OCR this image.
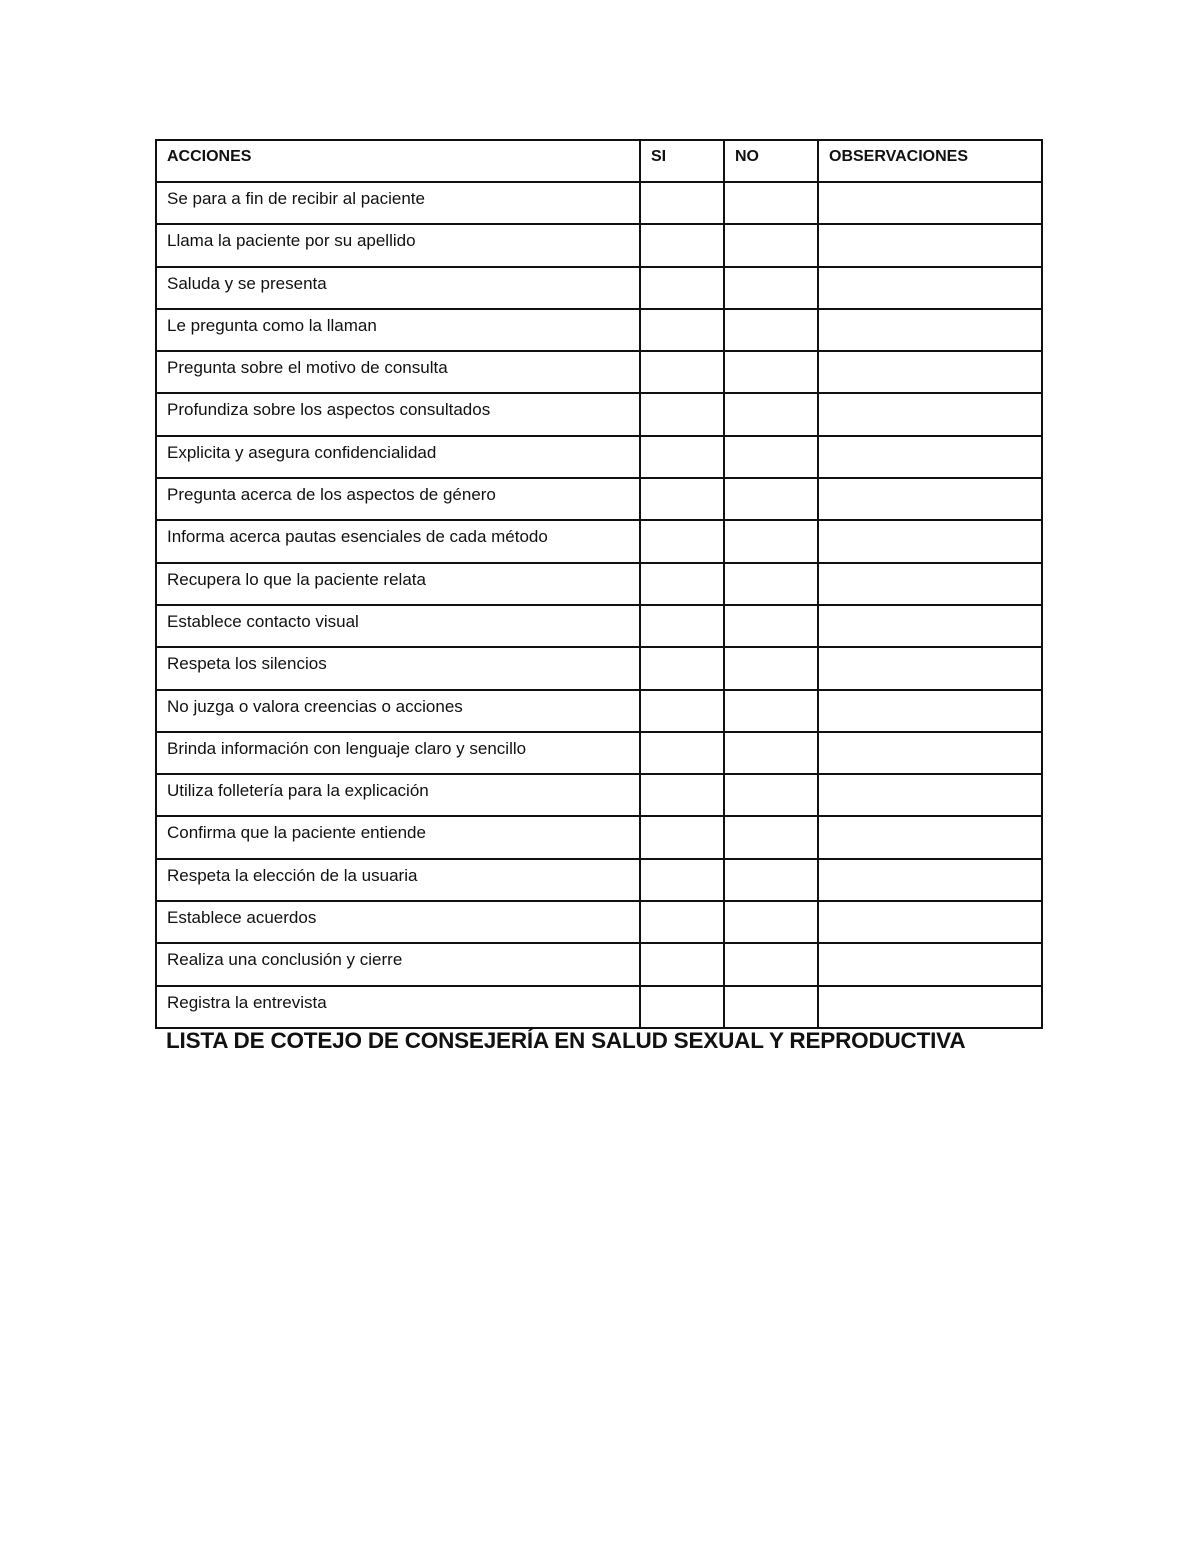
ACCIONES	SI	NO	OBSERVACIONES
Se para a fin de recibir al paciente			
Llama la paciente por su apellido			
Saluda y se presenta			
Le pregunta como la llaman			
Pregunta sobre el motivo de consulta			
Profundiza sobre los aspectos consultados			
Explicita y asegura confidencialidad			
Pregunta acerca de los aspectos de género			
Informa acerca pautas esenciales de cada método			
Recupera lo que la paciente relata			
Establece contacto visual			
Respeta los silencios			
No juzga o valora creencias o acciones			
Brinda información con lenguaje claro y sencillo			
Utiliza folletería para la explicación			
Confirma que la paciente entiende			
Respeta la elección de la usuaria			
Establece acuerdos			
Realiza una conclusión y cierre			
Registra la entrevista			
LISTA DE COTEJO DE CONSEJERÍA EN SALUD SEXUAL Y REPRODUCTIVA
